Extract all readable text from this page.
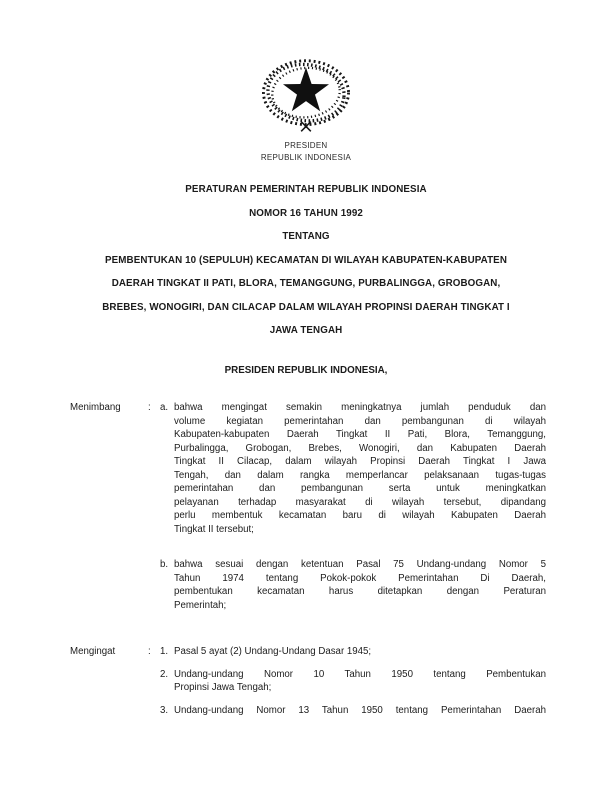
PRESIDEN
REPUBLIK INDONESIA
PERATURAN PEMERINTAH REPUBLIK INDONESIA
NOMOR 16 TAHUN 1992
TENTANG
PEMBENTUKAN 10 (SEPULUH) KECAMATAN DI WILAYAH KABUPATEN-KABUPATEN
DAERAH TINGKAT II PATI, BLORA, TEMANGGUNG, PURBALINGGA, GROBOGAN,
BREBES, WONOGIRI, DAN CILACAP DALAM WILAYAH PROPINSI DAERAH TINGKAT I
JAWA TENGAH
PRESIDEN REPUBLIK INDONESIA,
Menimbang	: a. bahwa mengingat semakin meningkatnya jumlah penduduk dan
volume kegiatan pemerintahan dan pembangunan di wilayah
Kabupaten-kabupaten Daerah Tingkat II Pati, Blora, Temanggung,
Purbalingga, Grobogan, Brebes, Wonogiri, dan Kabupaten Daerah
Tingkat II Cilacap, dalam wilayah Propinsi Daerah Tingkat I Jawa
Tengah, dan dalam rangka memperlancar pelaksanaan tugas-tugas
pemerintahan dan pembangunan serta untuk meningkatkan
pelayanan terhadap masyarakat di wilayah tersebut, dipandang
perlu membentuk kecamatan baru di wilayah Kabupaten Daerah
Tingkat II tersebut;
b. bahwa sesuai dengan ketentuan Pasal 75 Undang-undang Nomor 5
Tahun 1974 tentang Pokok-pokok Pemerintahan Di Daerah,
pembentukan kecamatan harus ditetapkan dengan Peraturan
Pemerintah;
Mengingat	: 1. Pasal 5 ayat (2) Undang-Undang Dasar 1945;
2. Undang-undang Nomor 10 Tahun 1950 tentang Pembentukan
Propinsi Jawa Tengah;
3. Undang-undang Nomor 13 Tahun 1950 tentang Pemerintahan Daerah
